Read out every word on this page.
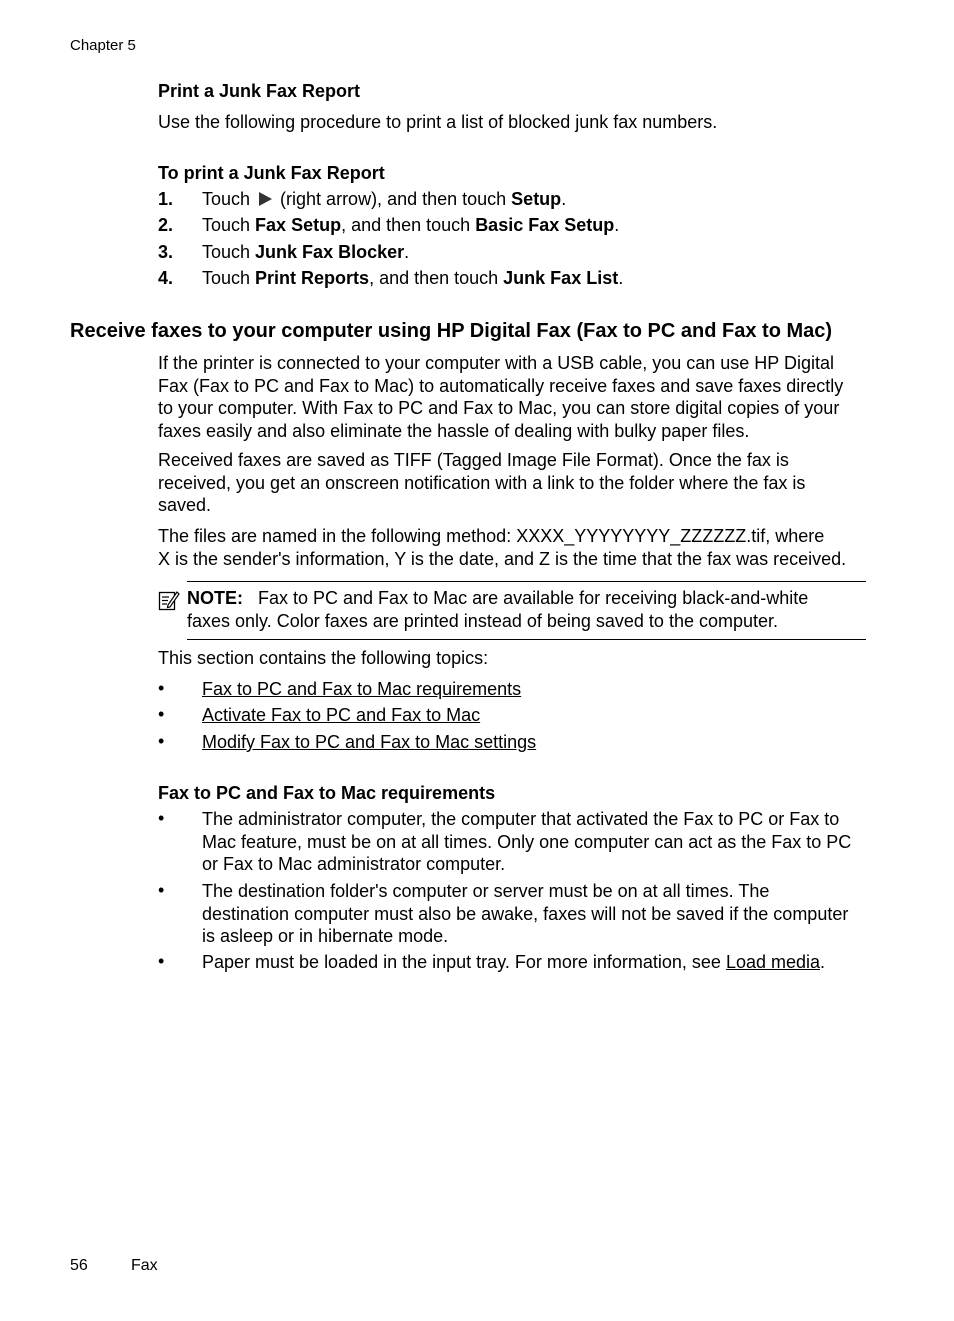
Chapter 5
Print a Junk Fax Report
Use the following procedure to print a list of blocked junk fax numbers.
To print a Junk Fax Report
1. Touch  (right arrow), and then touch Setup.
2. Touch Fax Setup, and then touch Basic Fax Setup.
3. Touch Junk Fax Blocker.
4. Touch Print Reports, and then touch Junk Fax List.
Receive faxes to your computer using HP Digital Fax (Fax to PC and Fax to Mac)
If the printer is connected to your computer with a USB cable, you can use HP Digital
Fax (Fax to PC and Fax to Mac) to automatically receive faxes and save faxes directly
to your computer. With Fax to PC and Fax to Mac, you can store digital copies of your
faxes easily and also eliminate the hassle of dealing with bulky paper files.
Received faxes are saved as TIFF (Tagged Image File Format). Once the fax is
received, you get an onscreen notification with a link to the folder where the fax is
saved.
The files are named in the following method: XXXX_YYYYYYYY_ZZZZZZ.tif, where
X is the sender's information, Y is the date, and Z is the time that the fax was received.
NOTE: Fax to PC and Fax to Mac are available for receiving black-and-white
faxes only. Color faxes are printed instead of being saved to the computer.
This section contains the following topics:
• Fax to PC and Fax to Mac requirements
• Activate Fax to PC and Fax to Mac
• Modify Fax to PC and Fax to Mac settings
Fax to PC and Fax to Mac requirements
• The administrator computer, the computer that activated the Fax to PC or Fax to
Mac feature, must be on at all times. Only one computer can act as the Fax to PC
or Fax to Mac administrator computer.
• The destination folder's computer or server must be on at all times. The
destination computer must also be awake, faxes will not be saved if the computer
is asleep or in hibernate mode.
• Paper must be loaded in the input tray. For more information, see Load media.
56	Fax
